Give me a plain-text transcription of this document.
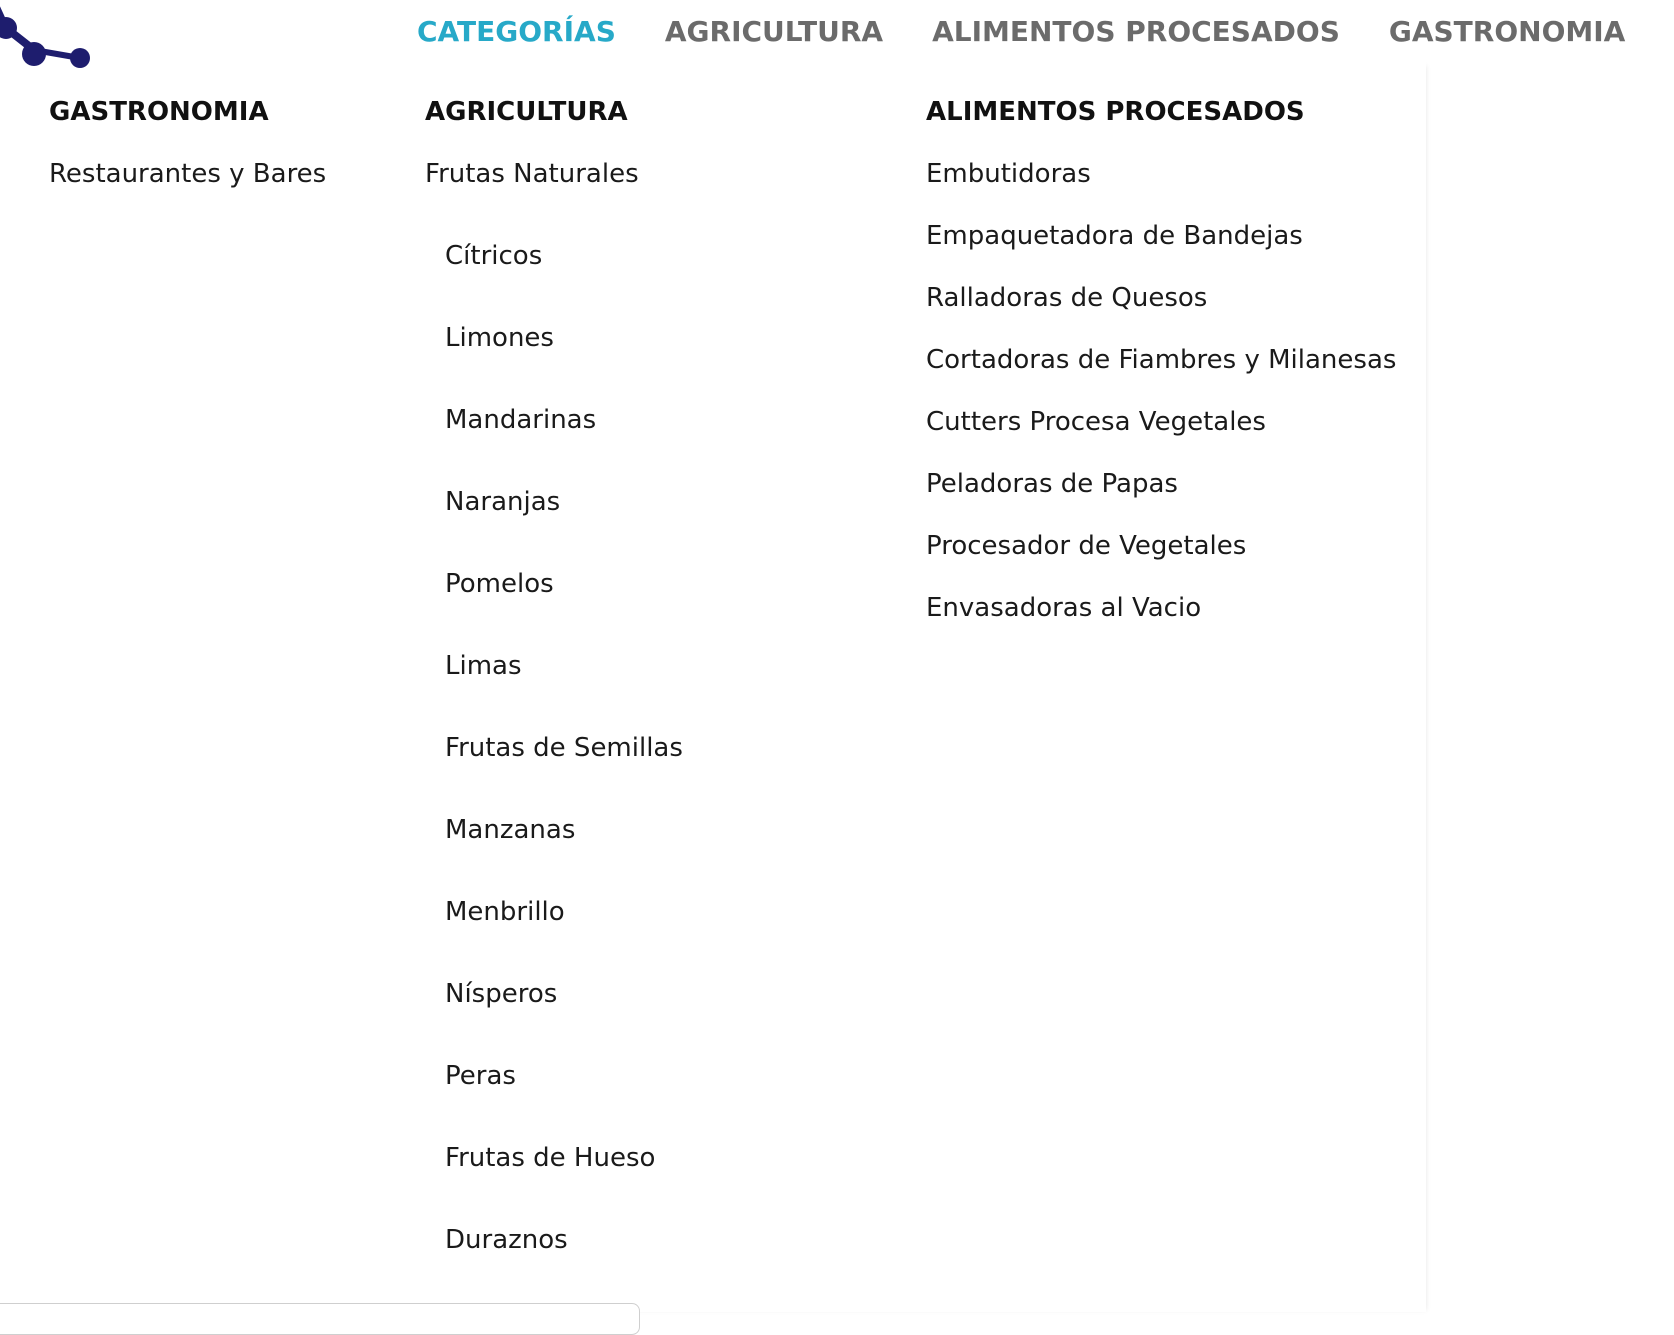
CATEGORÍAS AGRICULTURA ALIMENTOS PROCESADOS GASTRONOMIA
GASTRONOMIA
Restaurantes y Bares
AGRICULTURA
Frutas Naturales
Cítricos
Limones
Mandarinas
Naranjas
Pomelos
Limas
Frutas de Semillas
Manzanas
Menbrillo
Nísperos
Peras
Frutas de Hueso
Duraznos
ALIMENTOS PROCESADOS
Embutidoras
Empaquetadora de Bandejas
Ralladoras de Quesos
Cortadoras de Fiambres y Milanesas
Cutters Procesa Vegetales
Peladoras de Papas
Procesador de Vegetales
Envasadoras al Vacio
